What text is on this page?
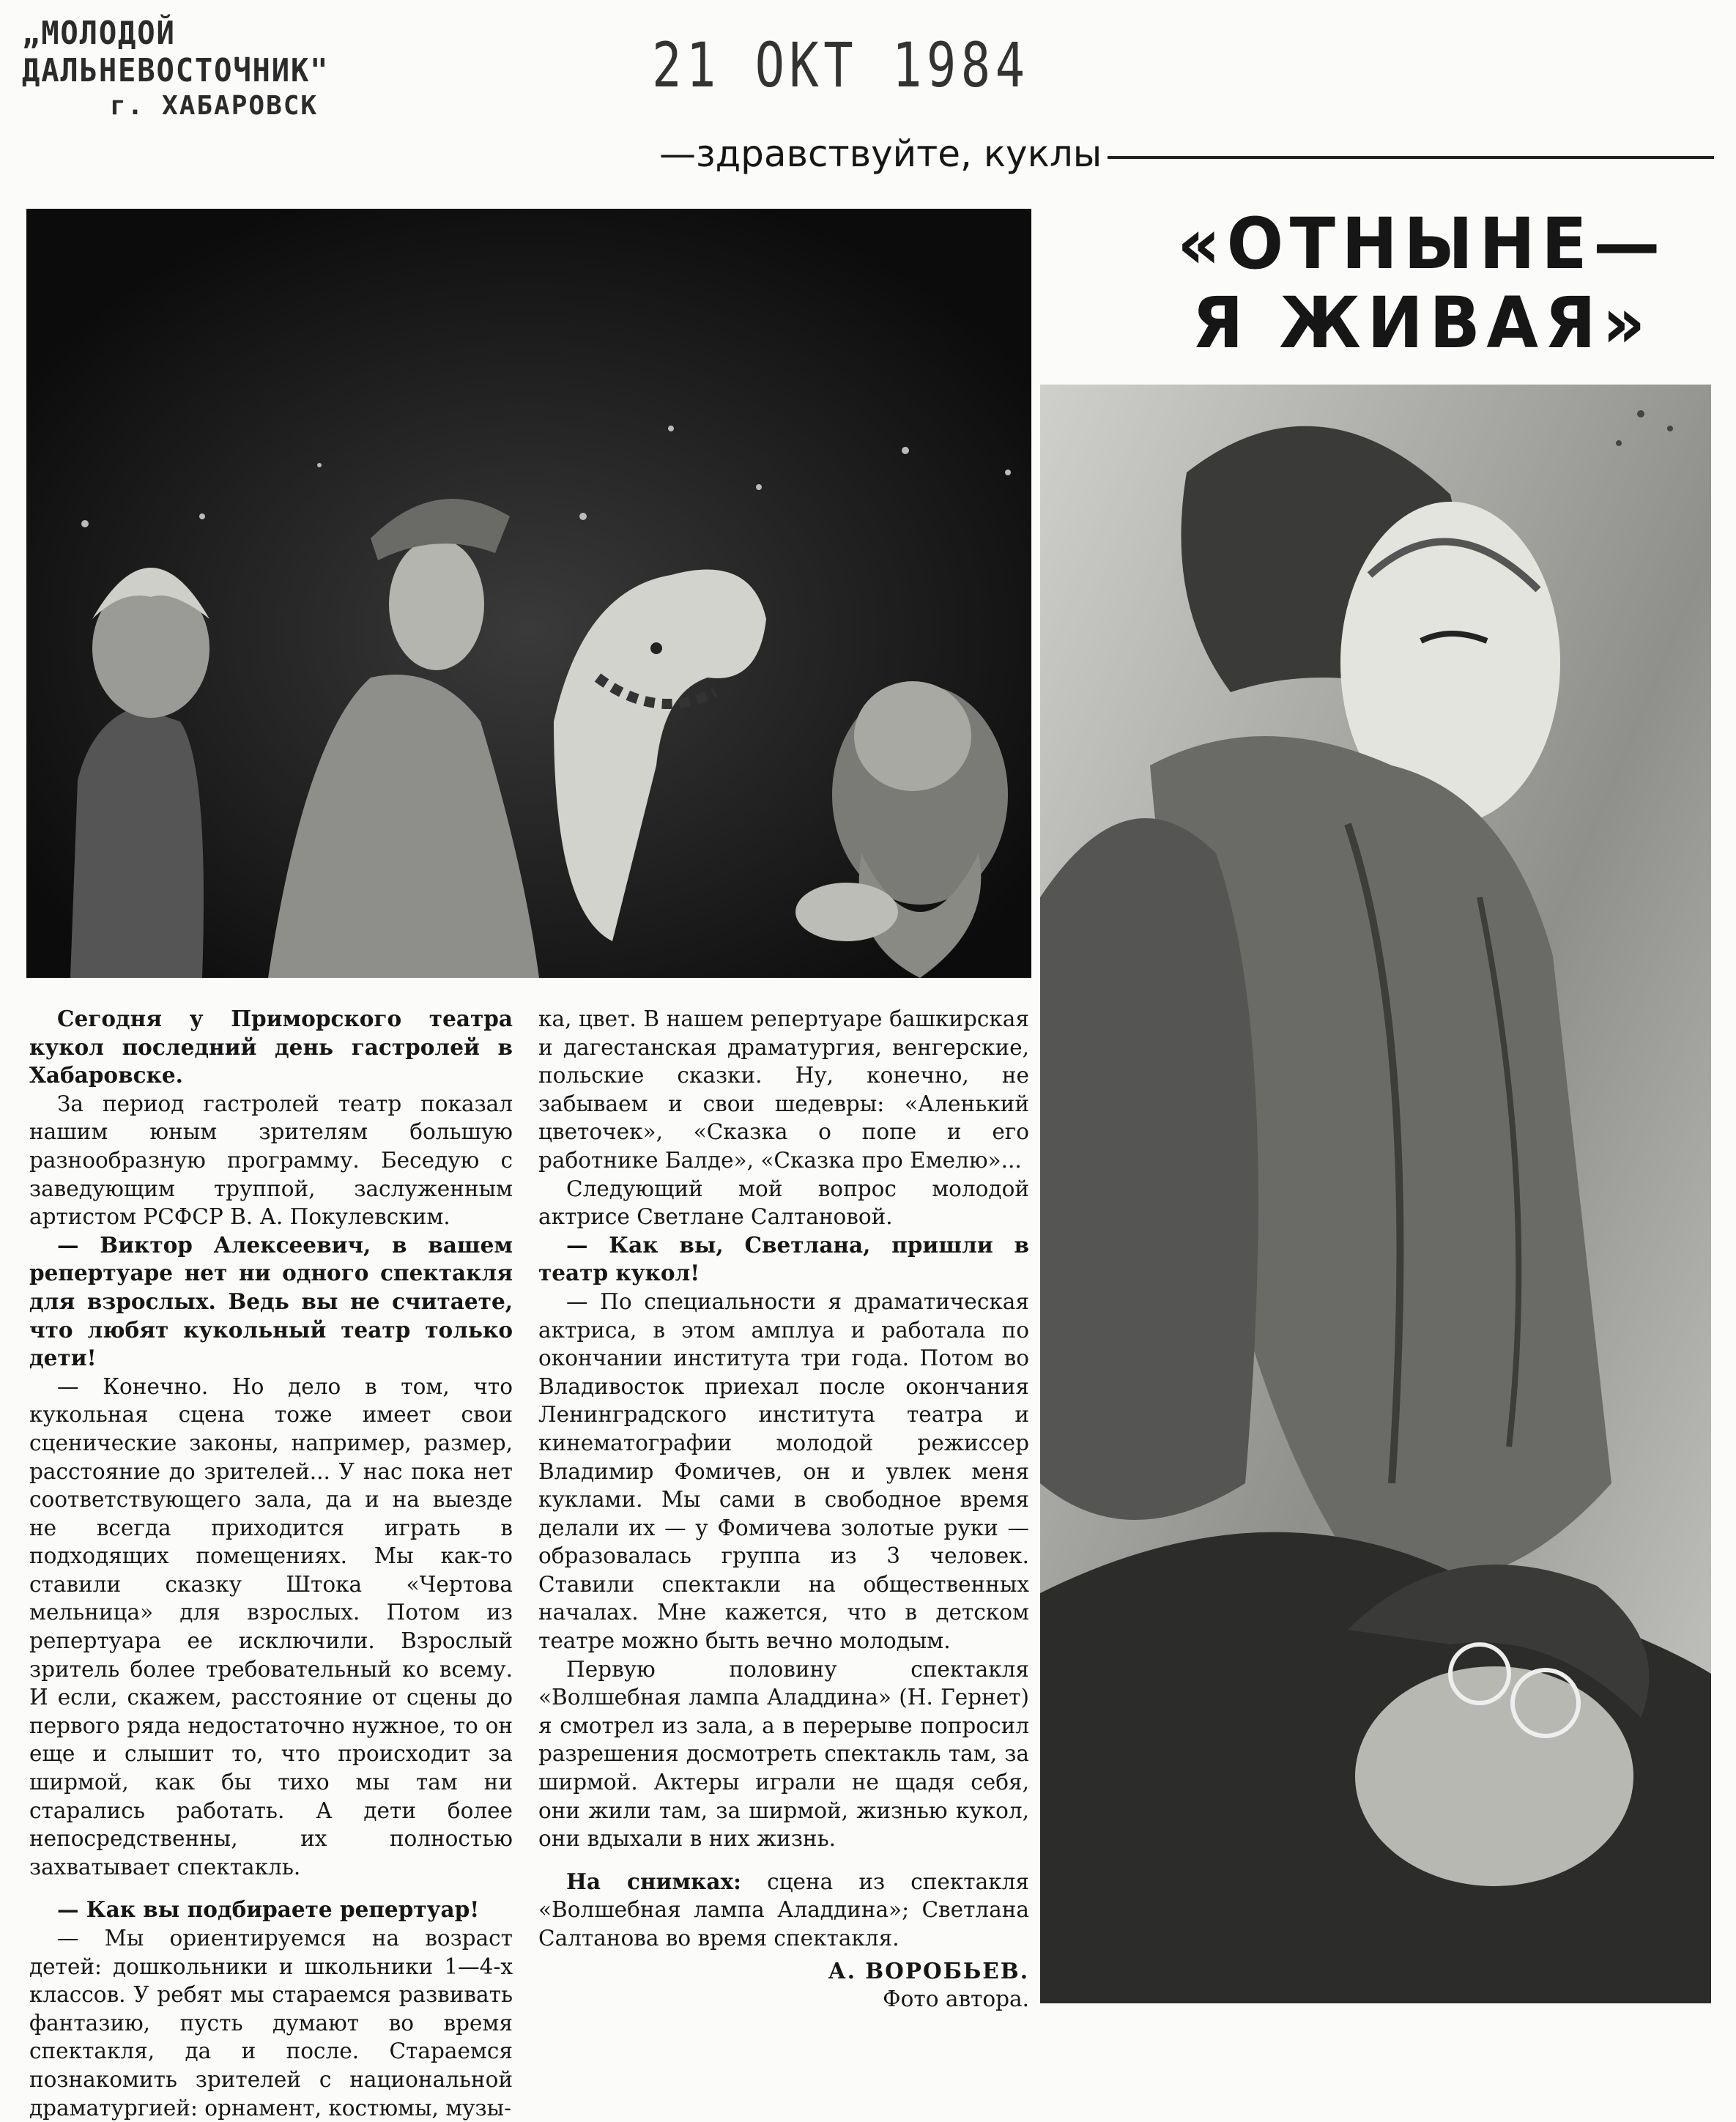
„МОЛОДОЙ ДАЛЬНЕВОСТОЧНИК"
г. ХАБАРОВСК
21 ОКТ 1984
—здравствуйте, куклы
«ОТНЫНЕ—
Я ЖИВАЯ»

Сегодня у Приморского театра кукол последний день гастролей в Хабаровске.

За период гастролей театр показал нашим юным зрителям большую разнообразную программу. Беседую с заведующим труппой, заслуженным артистом РСФСР В. А. Покулевским.

— Виктор Алексеевич, в вашем репертуаре нет ни одного спектакля для взрослых. Ведь вы не считаете, что любят кукольный театр только дети!

— Конечно. Но дело в том, что кукольная сцена тоже имеет свои сценические законы, например, размер, расстояние до зрителей... У нас пока нет соответствующего зала, да и на выезде не всегда приходится играть в подходящих помещениях. Мы как-то ставили сказку Штока «Чертова мельница» для взрослых. Потом из репертуара ее исключили. Взрослый зритель более требовательный ко всему. И если, скажем, расстояние от сцены до первого ряда недостаточно нужное, то он еще и слышит то, что происходит за ширмой, как бы тихо мы там ни старались работать. А дети более непосредственны, их полностью захватывает спектакль.

— Как вы подбираете репертуар!

— Мы ориентируемся на возраст детей: дошкольники и школьники 1—4-х классов. У ребят мы стараемся развивать фантазию, пусть думают во время спектакля, да и после. Стараемся познакомить зрителей с национальной драматургией: орнамент, костюмы, музы-

ка, цвет. В нашем репертуаре башкирская и дагестанская драматургия, венгерские, польские сказки. Ну, конечно, не забываем и свои шедевры: «Аленький цветочек», «Сказка о попе и его работнике Балде», «Сказка про Емелю»...

Следующий мой вопрос молодой актрисе Светлане Салтановой.

— Как вы, Светлана, пришли в театр кукол!

— По специальности я драматическая актриса, в этом амплуа и работала по окончании института три года. Потом во Владивосток приехал после окончания Ленинградского института театра и кинематографии молодой режиссер Владимир Фомичев, он и увлек меня куклами. Мы сами в свободное время делали их — у Фомичева золотые руки — образовалась группа из 3 человек. Ставили спектакли на общественных началах. Мне кажется, что в детском театре можно быть вечно молодым.

Первую половину спектакля «Волшебная лампа Аладдина» (Н. Гернет) я смотрел из зала, а в перерыве попросил разрешения досмотреть спектакль там, за ширмой. Актеры играли не щадя себя, они жили там, за ширмой, жизнью кукол, они вдыхали в них жизнь.

На снимках: сцена из спектакля «Волшебная лампа Аладдина»; Светлана Салтанова во время спектакля.

А. ВОРОБЬЕВ.
Фото автора.
